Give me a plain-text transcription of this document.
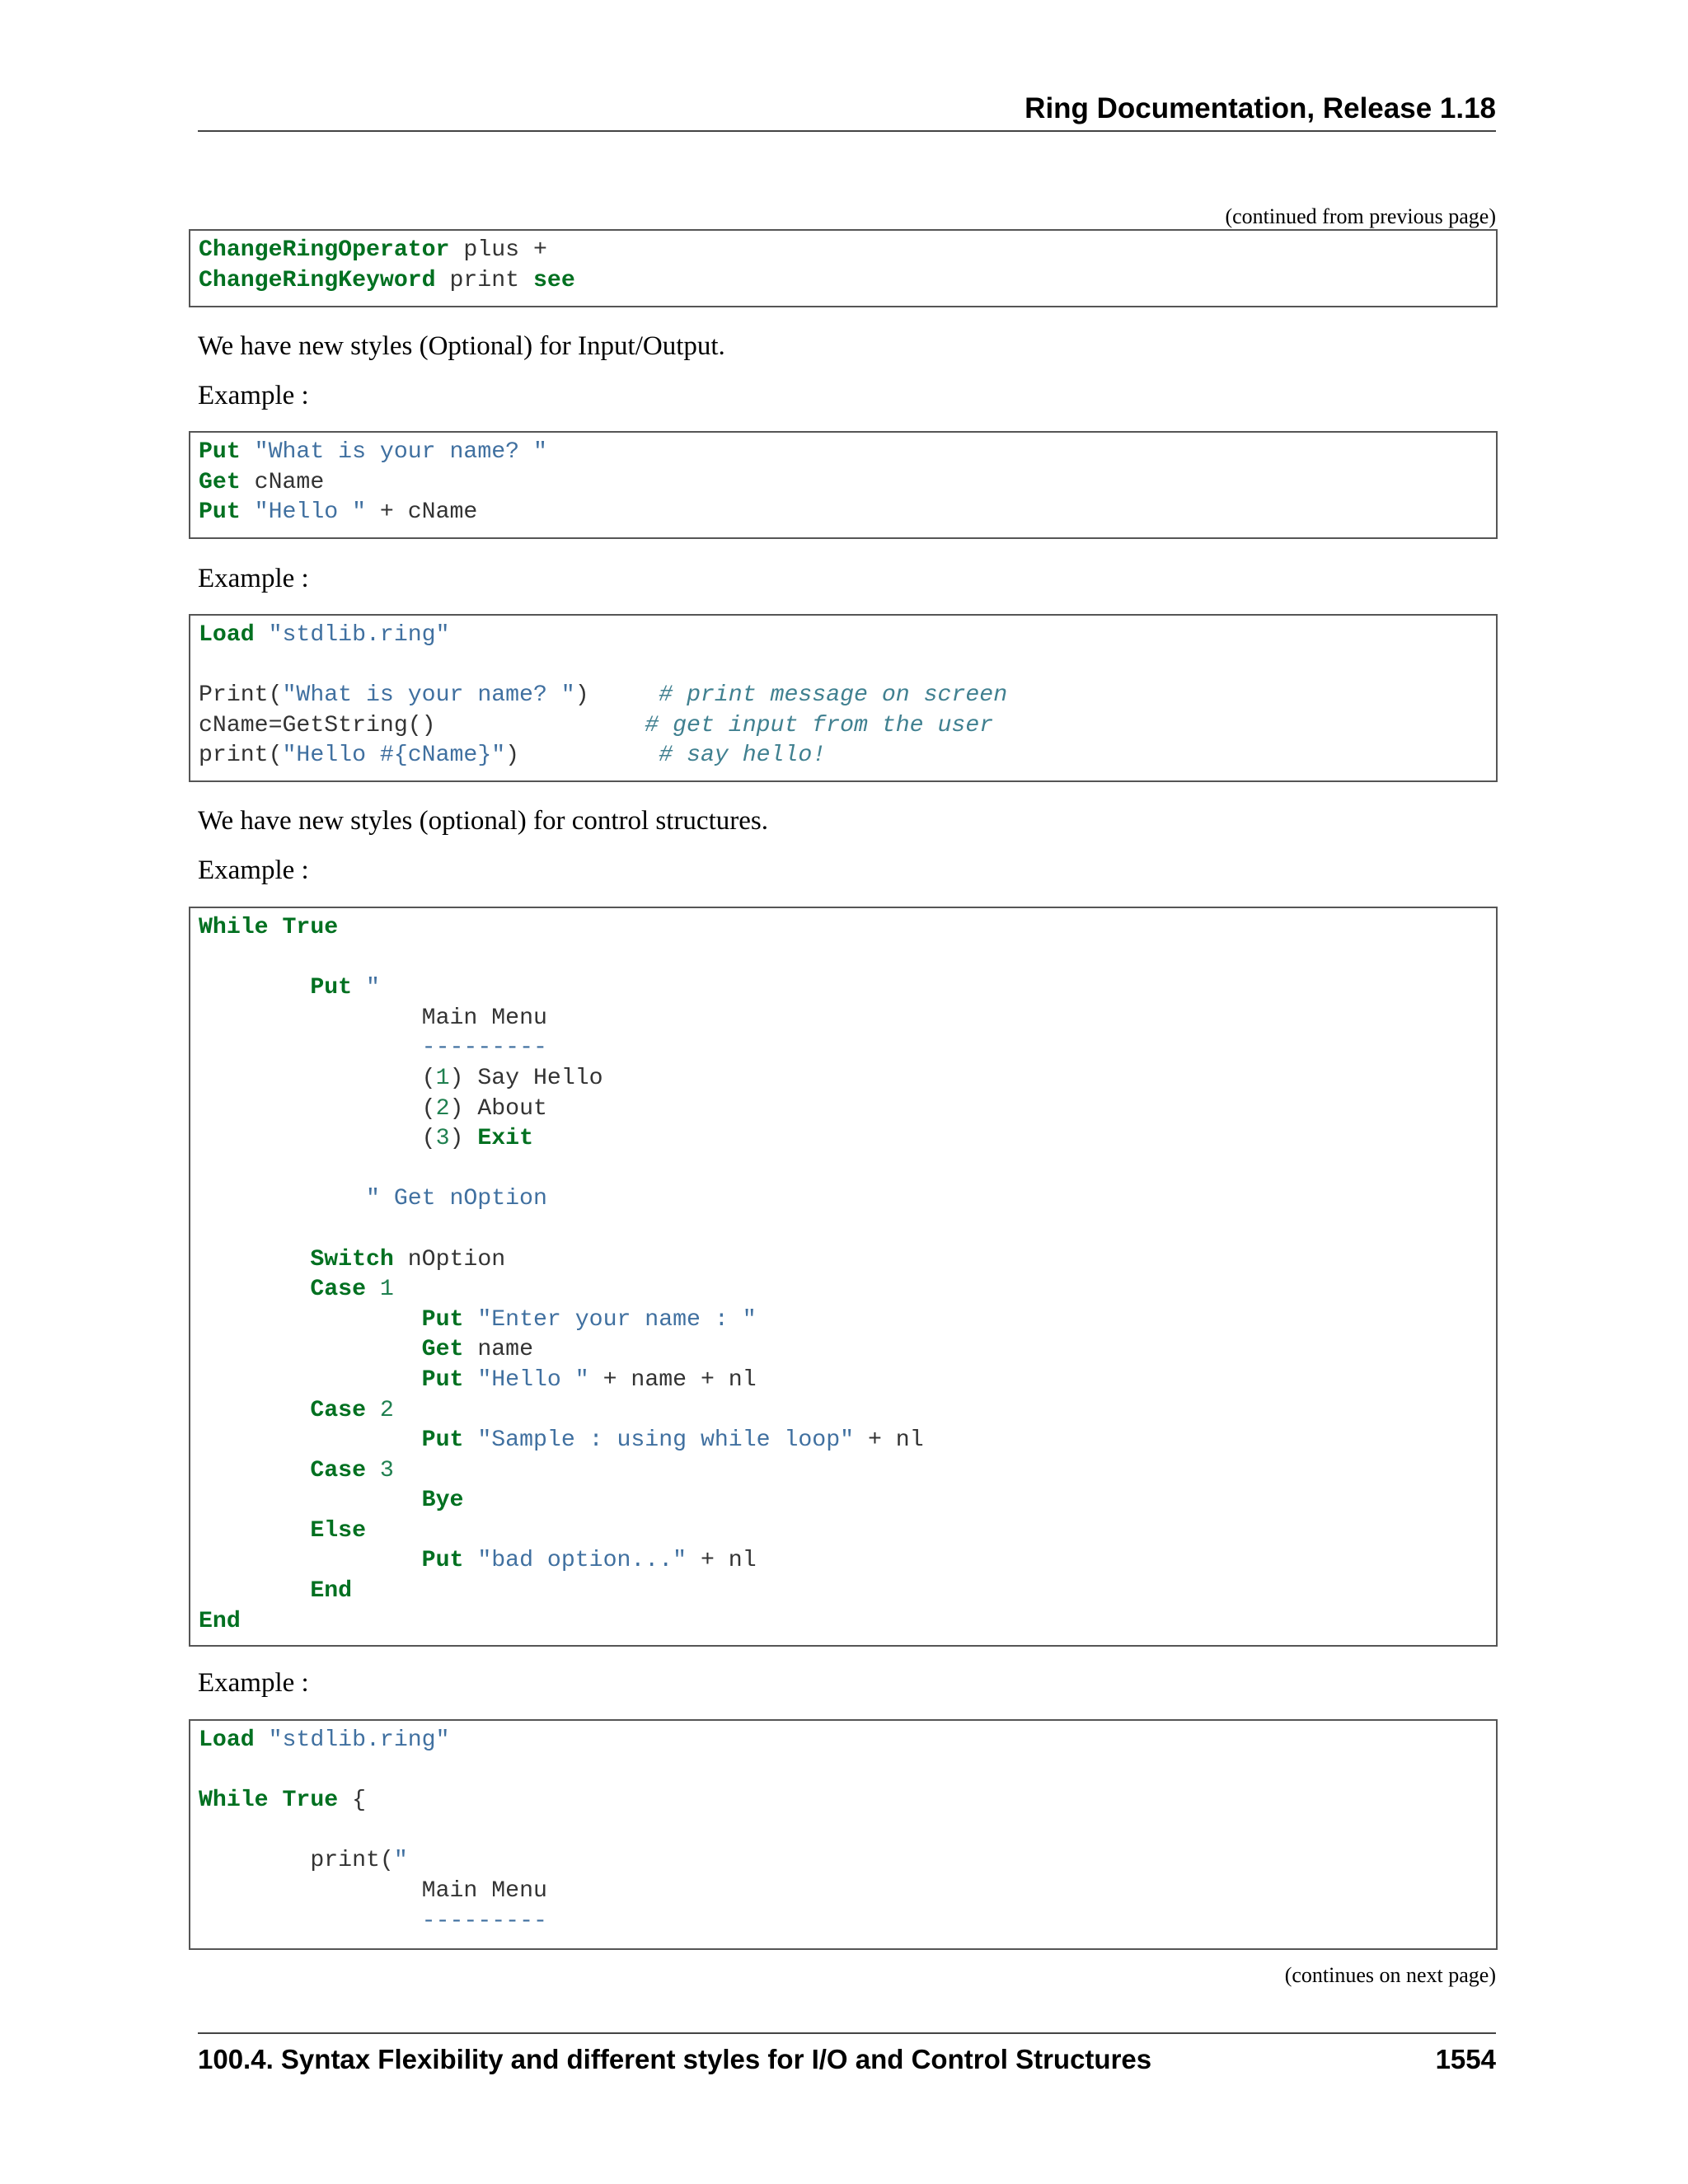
Ring Documentation, Release 1.18
(continued from previous page)
ChangeRingOperator plus +
ChangeRingKeyword print see
We have new styles (Optional) for Input/Output.
Example :
Put "What is your name? "
Get cName
Put "Hello " + cName
Example :
Load "stdlib.ring"

Print("What is your name? ")     # print message on screen
cName=GetString()	# get input from the user
print("Hello #{cName}")          # say hello!
We have new styles (optional) for control structures.
Example :
While True

Put "
Main Menu
---------
(1) Say Hello
(2) About
(3) Exit

" Get nOption

Switch nOption
Case 1
Put "Enter your name : "
Get name
Put "Hello " + name + nl
Case 2
Put "Sample : using while loop" + nl
Case 3
Bye
Else
Put "bad option..." + nl
End
End
Example :
Load "stdlib.ring"

While True {

print("
Main Menu
---------
(continues on next page)
100.4. Syntax Flexibility and different styles for I/O and Control Structures	1554
